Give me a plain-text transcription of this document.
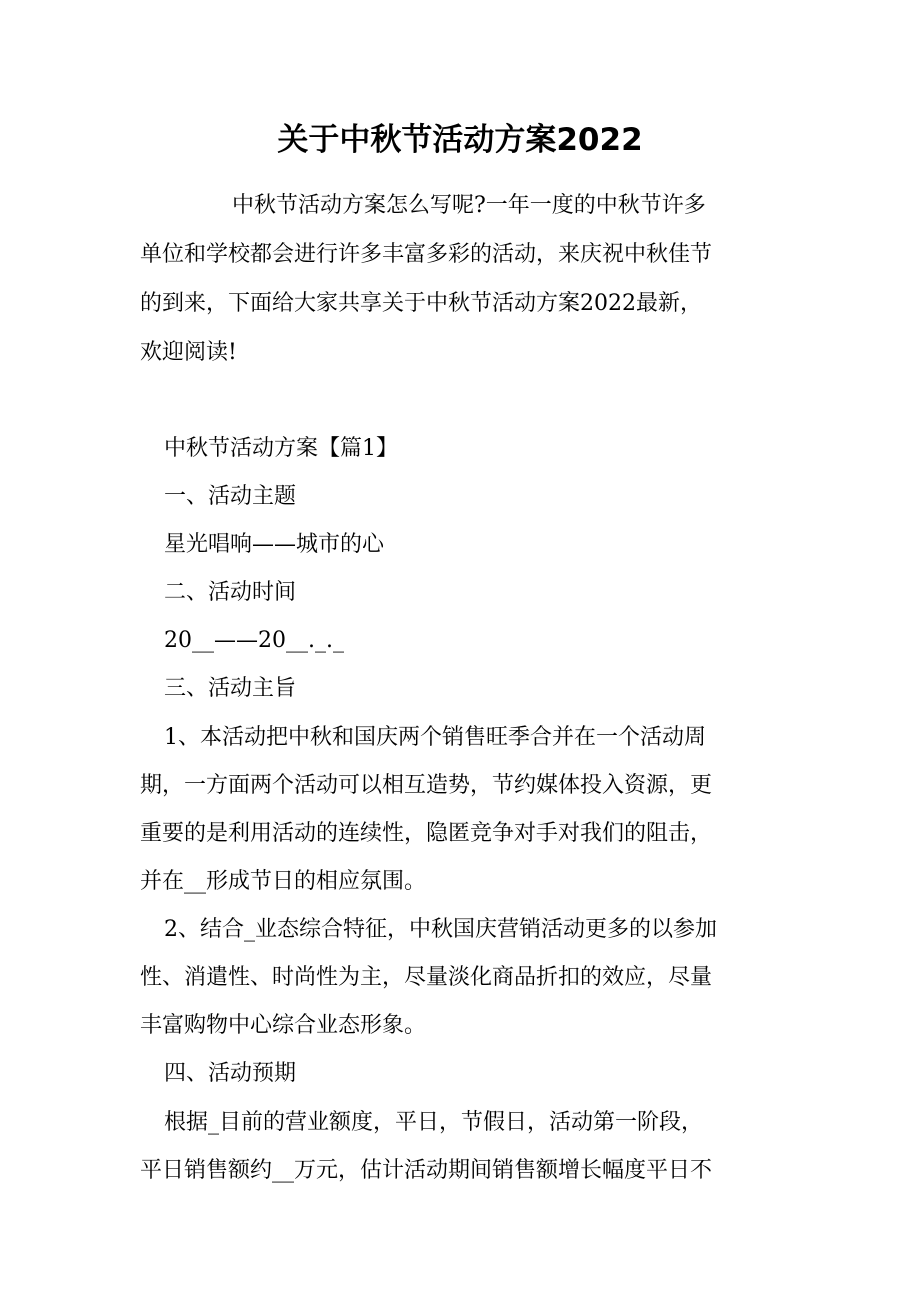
关于中秋节活动方案2022

中秋节活动方案怎么写呢?一年一度的中秋节许多

单位和学校都会进行许多丰富多彩的活动，来庆祝中秋佳节

的到来，下面给大家共享关于中秋节活动方案2022最新，

欢迎阅读!

中秋节活动方案【篇1】

一、活动主题

星光唱响——城市的心

二、活动时间

20__——20__._._

三、活动主旨

1、本活动把中秋和国庆两个销售旺季合并在一个活动周

期，一方面两个活动可以相互造势，节约媒体投入资源，更

重要的是利用活动的连续性，隐匿竞争对手对我们的阻击，

并在__形成节日的相应氛围。

2、结合_业态综合特征，中秋国庆营销活动更多的以参加

性、消遣性、时尚性为主，尽量淡化商品折扣的效应，尽量

丰富购物中心综合业态形象。

四、活动预期

根据_目前的营业额度，平日，节假日，活动第一阶段，

平日销售额约__万元，估计活动期间销售额增长幅度平日不
